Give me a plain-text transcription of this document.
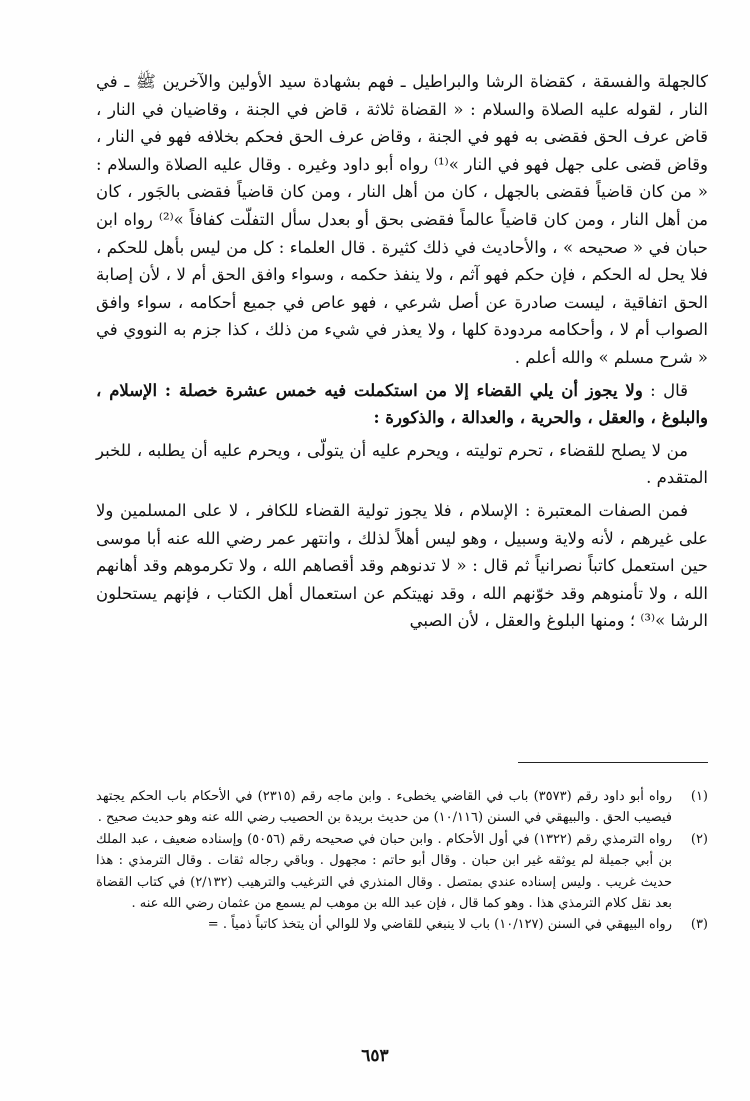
كالجهلة والفسقة ، كقضاة الرشا والبراطيل ـ فهم بشهادة سيد الأولين والآخرين ﷺ ـ في النار ، لقوله عليه الصلاة والسلام : « القضاة ثلاثة ، قاض في الجنة ، وقاضيان في النار ، قاض عرف الحق فقضى به فهو في الجنة ، وقاض عرف الحق فحكم بخلافه فهو في النار ، وقاض قضى على جهل فهو في النار »⁽¹⁾ رواه أبو داود وغيره . وقال عليه الصلاة والسلام : « من كان قاضياً فقضى بالجهل ، كان من أهل النار ، ومن كان قاضياً فقضى بالجَور ، كان من أهل النار ، ومن كان قاضياً عالماً فقضى بحق أو بعدل سأل التفلّت كفافاً »⁽²⁾ رواه ابن حبان في « صحيحه » ، والأحاديث في ذلك كثيرة . قال العلماء : كل من ليس بأهل للحكم ، فلا يحل له الحكم ، فإن حكم فهو آثم ، ولا ينفذ حكمه ، وسواء وافق الحق أم لا ، لأن إصابة الحق اتفاقية ، ليست صادرة عن أصل شرعي ، فهو عاص في جميع أحكامه ، سواء وافق الصواب أم لا ، وأحكامه مردودة كلها ، ولا يعذر في شيء من ذلك ، كذا جزم به النووي في « شرح مسلم » والله أعلم .

قال : ولا يجوز أن يلي القضاء إلا من استكملت فيه خمس عشرة خصلة : الإسلام ، والبلوغ ، والعقل ، والحرية ، والعدالة ، والذكورة :

من لا يصلح للقضاء ، تحرم توليته ، ويحرم عليه أن يتولّى ، ويحرم عليه أن يطلبه ، للخبر المتقدم .

فمن الصفات المعتبرة : الإسلام ، فلا يجوز تولية القضاء للكافر ، لا على المسلمين ولا على غيرهم ، لأنه ولاية وسبيل ، وهو ليس أهلاً لذلك ، وانتهر عمر رضي الله عنه أبا موسى حين استعمل كاتباً نصرانياً ثم قال : « لا تدنوهم وقد أقصاهم الله ، ولا تكرموهم وقد أهانهم الله ، ولا تأمنوهم وقد خوّنهم الله ، وقد نهيتكم عن استعمال أهل الكتاب ، فإنهم يستحلون الرشا »⁽³⁾ ؛ ومنها البلوغ والعقل ، لأن الصبي

(١)
رواه أبو داود رقم (٣٥٧٣) باب في القاضي يخطىء . وابن ماجه رقم (٢٣١٥) في الأحكام باب الحكم يجتهد فيصيب الحق . والبيهقي في السنن (١٠/١١٦) من حديث بريدة بن الحصيب رضي الله عنه وهو حديث صحيح .
(٢)
رواه الترمذي رقم (١٣٢٢) في أول الأحكام . وابن حبان في صحيحه رقم (٥٠٥٦) وإسناده ضعيف ، عبد الملك بن أبي جميلة لم يوثقه غير ابن حبان . وقال أبو حاتم : مجهول . وباقي رجاله ثقات . وقال الترمذي : هذا حديث غريب . وليس إسناده عندي بمتصل . وقال المنذري في الترغيب والترهيب (٢/١٣٢) في كتاب القضاة بعد نقل كلام الترمذي هذا . وهو كما قال ، فإن عبد الله بن موهب لم يسمع من عثمان رضي الله عنه .
(٣)
رواه البيهقي في السنن (١٠/١٢٧) باب لا ينبغي للقاضي ولا للوالي أن يتخذ كاتباً ذمياً . =
٦٥٣
